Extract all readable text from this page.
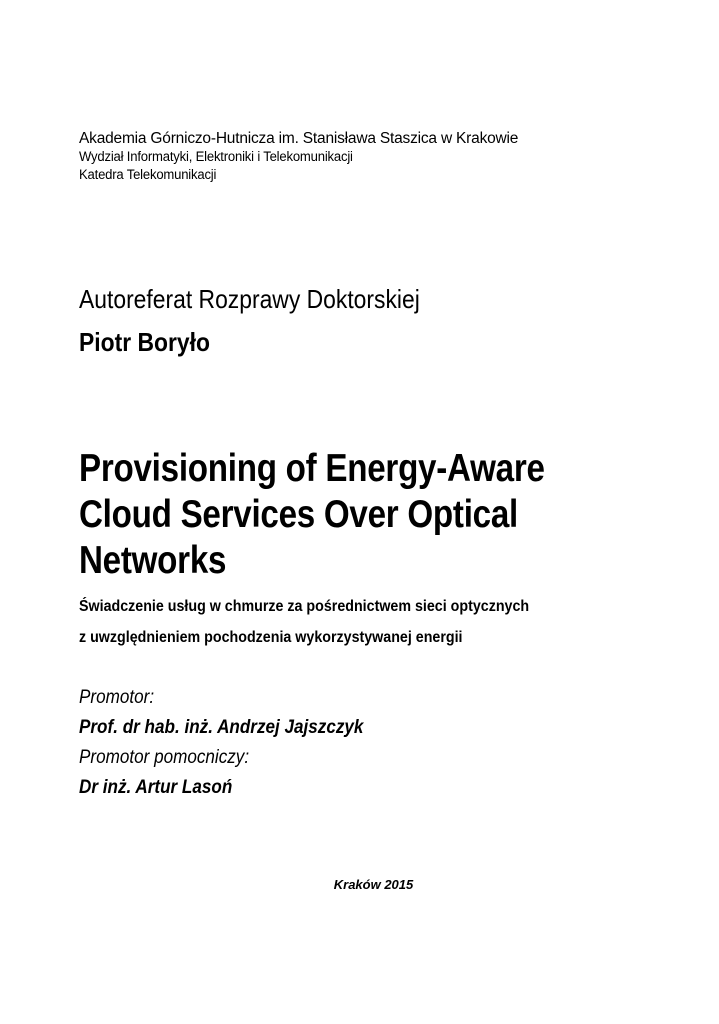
Akademia Górniczo-Hutnicza im. Stanisława Staszica w Krakowie
Wydział Informatyki, Elektroniki i Telekomunikacji
Katedra Telekomunikacji
Autoreferat Rozprawy Doktorskiej
Piotr Boryło
Provisioning of Energy-Aware
Cloud Services Over Optical
Networks
Świadczenie usług w chmurze za pośrednictwem sieci optycznych
z uwzględnieniem pochodzenia wykorzystywanej energii
Promotor:
Prof. dr hab. inż. Andrzej Jajszczyk
Promotor pomocniczy:
Dr inż. Artur Lasoń
Kraków 2015
